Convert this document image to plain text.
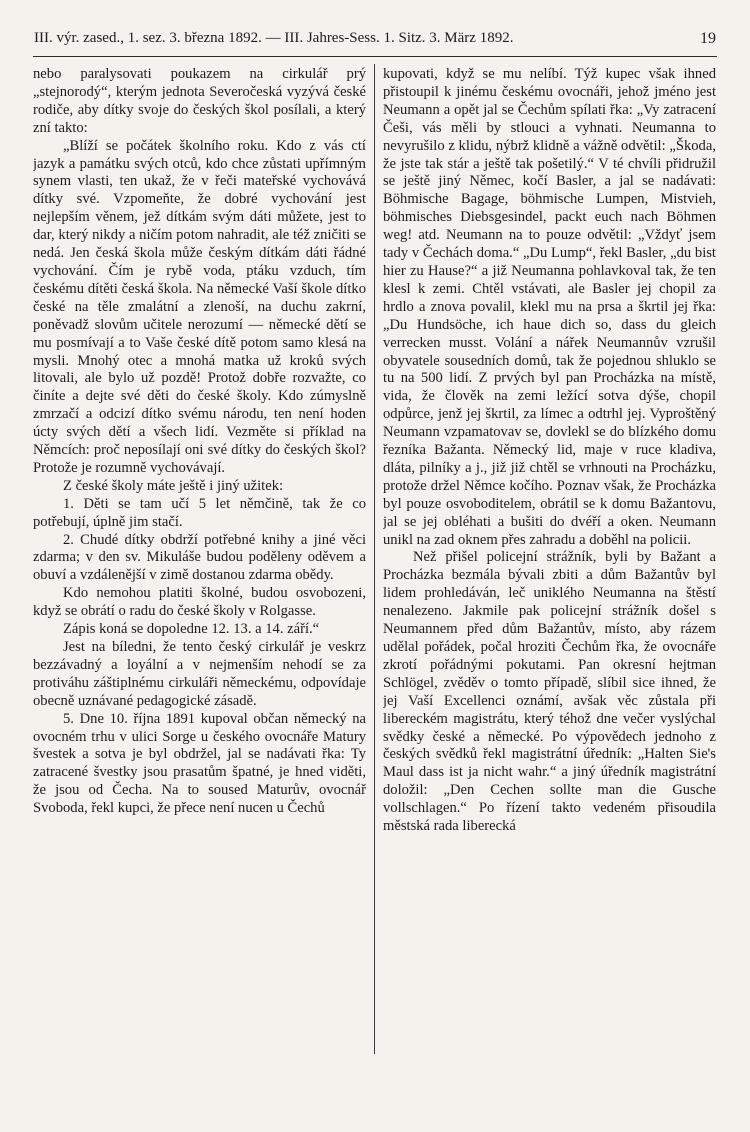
III. výr. zased., 1. sez. 3. března 1892. — III. Jahres-Sess. 1. Sitz. 3. März 1892.	19

nebo paralysovati poukazem na cirkulář prý „stejnorodý“, kterým jednota Severočeská vyzývá české rodiče, aby dítky svoje do českých škol posílali, a který zní takto:

„Blíží se počátek školního roku. Kdo z vás ctí jazyk a památku svých otců, kdo chce zůstati upřímným synem vlasti, ten ukaž, že v řeči mateřské vychovává dítky své. Vzpomeňte, že dobré vychování jest nejlepším věnem, jež dítkám svým dáti můžete, jest to dar, který nikdy a ničím potom nahradit, ale též zničiti se nedá. Jen česká škola může českým dítkám dáti řádné vychování. Čím je rybě voda, ptáku vzduch, tím českému dítěti česká škola. Na německé Vaší škole dítko české na těle zmalátní a zlenoší, na duchu zakrní, poněvadž slovům učitele nerozumí — německé dětí se mu posmívají a to Vaše české dítě potom samo klesá na mysli. Mnohý otec a mnohá matka už kroků svých litovali, ale bylo už pozdě! Protož dobře rozvažte, co činíte a dejte své děti do české školy. Kdo zúmyslně zmrzačí a odcizí dítko svému národu, ten není hoden úcty svých dětí a všech lidí. Vezměte si příklad na Němcích: proč neposílají oni své dítky do českých škol? Protože je rozumně vychovávají.

Z české školy máte ještě i jiný užitek:

1. Děti se tam učí 5 let němčině, tak že co potřebují, úplně jim stačí.

2. Chudé dítky obdrží potřebné knihy a jiné věci zdarma; v den sv. Mikuláše budou poděleny oděvem a obuví a vzdálenější v zimě dostanou zdarma obědy.

Kdo nemohou platiti školné, budou osvobozeni, když se obrátí o radu do české školy v Rolgasse.

Zápis koná se dopoledne 12. 13. a 14. září.“

Jest na bíledni, že tento český cirkulář je veskrz bezzávadný a loyální a v nejmenším nehodí se za protiváhu záštiplnému cirkuláři německému, odpovídaje obecně uznávané pedagogické zásadě.

5. Dne 10. října 1891 kupoval občan německý na ovocném trhu v ulici Sorge u českého ovocnáře Matury švestek a sotva je byl obdržel, jal se nadávati řka: Ty zatracené švestky jsou prasatům špatné, je hned viděti, že jsou od Čecha. Na to soused Maturův, ovocnář Svoboda, řekl kupci, že přece není nucen u Čechů

kupovati, když se mu nelíbí. Týž kupec však ihned přistoupil k jinému českému ovocnáři, jehož jméno jest Neumann a opět jal se Čechům spílati řka: „Vy zatracení Češi, vás měli by stlouci a vyhnati. Neumanna to nevyrušilo z klidu, nýbrž klidně a vážně odvětil: „Škoda, že jste tak stár a ještě tak pošetilý.“ V té chvíli přidružil se ještě jiný Němec, kočí Basler, a jal se nadávati: Böhmische Bagage, böhmische Lumpen, Mistvieh, böhmisches Diebsgesindel, packt euch nach Böhmen weg! atd. Neumann na to pouze odvětil: „Vždyť jsem tady v Čechách doma.“ „Du Lump“, řekl Basler, „du bist hier zu Hause?“ a již Neumanna pohlavkoval tak, že ten klesl k zemi. Chtěl vstávati, ale Basler jej chopil za hrdlo a znova povalil, klekl mu na prsa a škrtil jej řka: „Du Hundsöche, ich haue dich so, dass du gleich verrecken musst. Volání a nářek Neumannův vzrušil obyvatele sousedních domů, tak že pojednou shluklo se tu na 500 lidí. Z prvých byl pan Procházka na místě, vida, že člověk na zemi ležící sotva dýše, chopil odpůrce, jenž jej škrtil, za límec a odtrhl jej. Vyproštěný Neumann vzpamatovav se, dovlekl se do blízkého domu řezníka Bažanta. Německý lid, maje v ruce kladiva, dláta, pilníky a j., již již chtěl se vrhnouti na Procházku, protože držel Němce kočího. Poznav však, že Procházka byl pouze osvoboditelem, obrátil se k domu Bažantovu, jal se jej obléhati a bušiti do dvéří a oken. Neumann unikl na zad oknem přes zahradu a doběhl na policii.

Než přišel policejní strážník, byli by Bažant a Procházka bezmála bývali zbiti a dům Bažantův byl lidem prohledáván, leč unikléh​o Neumanna na štěstí nenalezeno. Jakmile pak policejní strážník došel s Neumannem před dům Bažantův, místo, aby rázem udělal pořádek, počal hroziti Čechům řka, že ovocnáře zkrotí pořádnými pokutami. Pan okresní hejtman Schlögel, zvěděv o tomto případě, slíbil sice ihned, že jej Vaší Excellenci oznámí, avšak věc zůstala při libereckém magistrátu, který téhož dne večer vyslýchal svědky české a německé. Po výpovědech jednoho z českých svědků řekl magistrátní úředník: „Halten Sie's Maul dass ist ja nicht wahr.“ a jiný úředník magistrátní doložil: „Den Cechen sollte man die Gusche vollschlagen.“ Po řízení takto vedeném přisoudila městská rada liberecká
